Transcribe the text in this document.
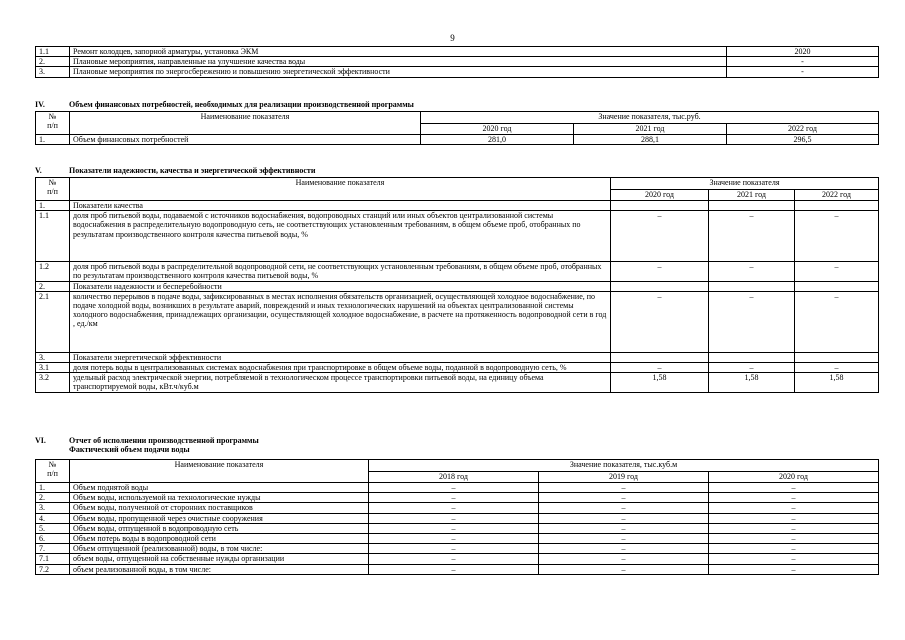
9
1.1	Ремонт колодцев, запорной арматуры, установка ЭКМ	2020
2.	Плановые мероприятия, направленные на улучшение качества воды	-
3.	Плановые мероприятия по энергосбережению и повышению энергетической эффективности	-
IV.	Объем финансовых потребностей, необходимых для реализации производственной программы
№
п/п	Наименование показателя	Значение показателя, тыс.руб.		
		2020 год	2021 год	2022 год
1.	Объем финансовых потребностей	281,0	288,1	296,5
V.	Показатели надежности, качества и энергетической эффективности
№
п/п	Наименование показателя	Значение показателя		
		2020 год	2021 год	2022 год
1.	Показатели качества			
1.1	доля проб питьевой воды, подаваемой с источников водоснабжения, водопроводных станций или иных объектов централизованной системы водоснабжения в распределительную водопроводную сеть, не соответствующих установленным требованиям, в общем объеме проб, отобранных по результатам производственного контроля качества питьевой воды, %	–	–	–
1.2	доля проб питьевой воды в распределительной водопроводной сети, не соответствующих установленным требованиям, в общем объеме проб, отобранных по результатам производственного контроля качества питьевой воды, %	–	–	–
2.	Показатели надежности и бесперебойности			
2.1	количество перерывов в подаче воды, зафиксированных в местах исполнения обязательств организацией, осуществляющей холодное водоснабжение, по подаче холодной воды, возникших в результате аварий, повреждений и иных технологических нарушений на объектах централизованной системы холодного водоснабжения, принадлежащих организации, осуществляющей холодное водоснабжение, в расчете на протяженность водопроводной сети в год , ед./км	–	–	–
3.	Показатели энергетической эффективности			
3.1	доля потерь воды в централизованных системах водоснабжения при транспортировке в общем объеме воды, поданной в водопроводную сеть, %	–	–	–
3.2	удельный расход электрической энергии, потребляемой в технологическом процессе транспортировки питьевой воды, на единицу объема транспортируемой воды, кВт.ч/куб.м	1,58	1,58	1,58
VI.	Отчет об исполнении производственной программы
Фактический объем подачи воды
№
п/п	Наименование показателя	Значение показателя, тыс.куб.м		
		2018 год	2019 год	2020 год
1.	Объем поднятой воды	–	–	–
2.	Объем воды, используемой на технологические нужды	–	–	–
3.	Объем воды, полученной от сторонних поставщиков	–	–	–
4.	Объем воды, пропущенной через очистные сооружения	–	–	–
5.	Объем воды, отпущенной в водопроводную сеть	–	–	–
6.	Объем потерь воды в водопроводной сети	–	–	–
7.	Объем отпущенной (реализованной) воды, в том числе:	–	–	–
7.1	объем воды, отпущенной на собственные нужды организации	–	–	–
7.2	объем реализованной воды, в том числе:	–	–	–
